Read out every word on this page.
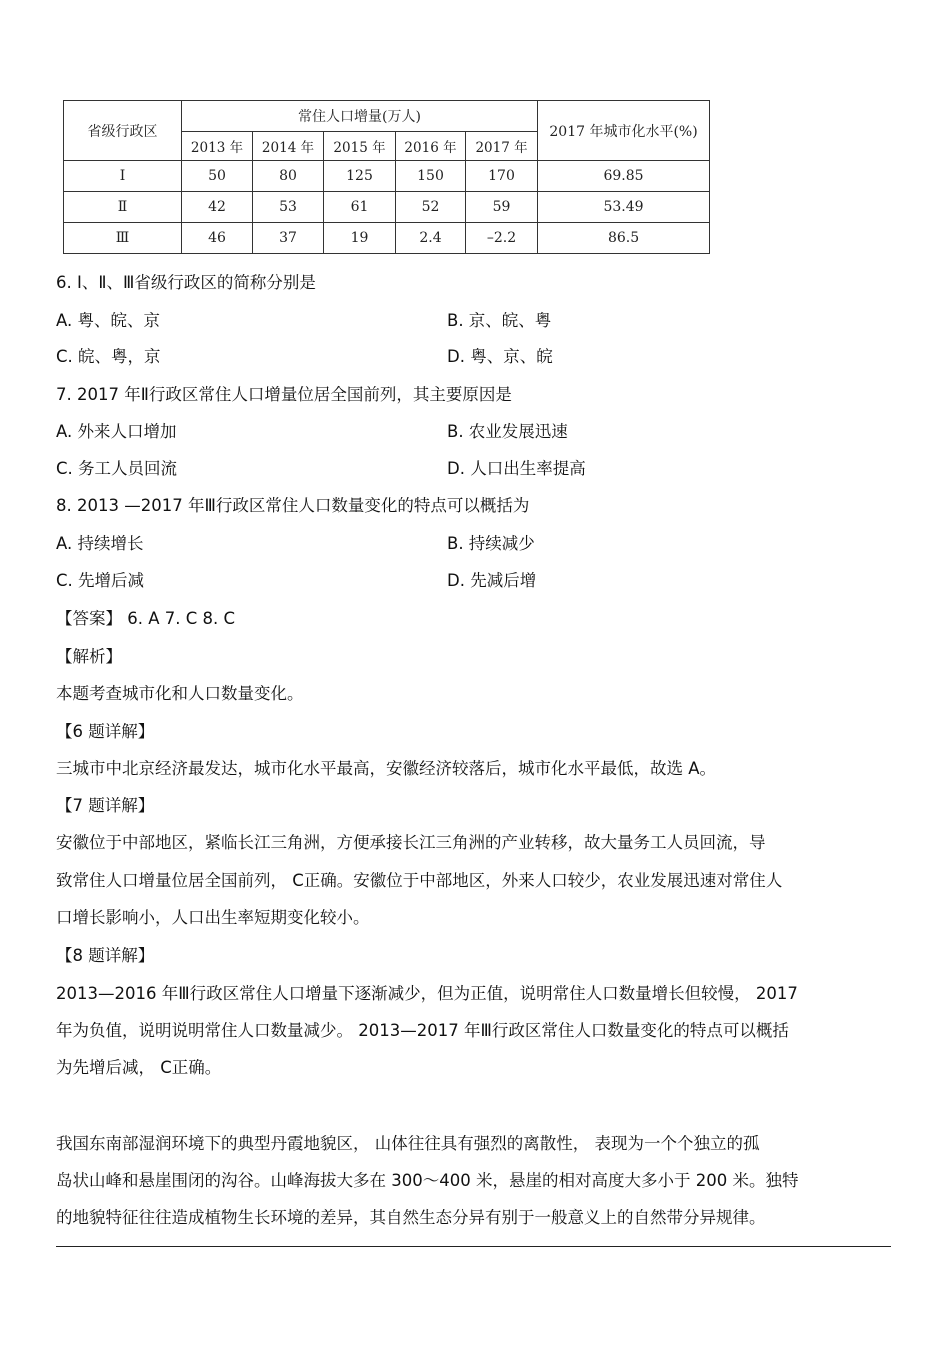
省级行政区	常住人口增量(万人)					2017 年城市化水平(%)
	2013 年	2014 年	2015 年	2016 年	2017 年	
Ⅰ	50	80	125	150	170	69.85
Ⅱ	42	53	61	52	59	53.49
Ⅲ	46	37	19	2.4	–2.2	86.5
6. Ⅰ、Ⅱ、Ⅲ省级行政区的简称分别是
A. 粤、皖、京	B. 京、皖、粤
C. 皖、粤，京	D. 粤、京、皖
7. 2017 年Ⅱ行政区常住人口增量位居全国前列，其主要原因是
A. 外来人口增加	B. 农业发展迅速
C. 务工人员回流	D. 人口出生率提高
8. 2013 —2017 年Ⅲ行政区常住人口数量变化的特点可以概括为
A. 持续增长	B. 持续减少
C. 先增后减	D. 先减后增
【答案】 6. A 7. C 8. C
【解析】
本题考查城市化和人口数量变化。
【6 题详解】
三城市中北京经济最发达，城市化水平最高，安徽经济较落后，城市化水平最低，故选 A。
【7 题详解】
安徽位于中部地区，紧临长江三角洲，方便承接长江三角洲的产业转移，故大量务工人员回流，导
致常住人口增量位居全国前列， C正确。安徽位于中部地区，外来人口较少，农业发展迅速对常住人
口增长影响小，人口出生率短期变化较小。
【8 题详解】
2013—2016 年Ⅲ行政区常住人口增量下逐渐减少，但为正值，说明常住人口数量增长但较慢， 2017
年为负值，说明说明常住人口数量减少。 2013—2017 年Ⅲ行政区常住人口数量变化的特点可以概括
为先增后减， C正确。
我国东南部湿润环境下的典型丹霞地貌区， 山体往往具有强烈的离散性， 表现为一个个独立的孤
岛状山峰和悬崖围闭的沟谷。山峰海拔大多在 300～400 米，悬崖的相对高度大多小于 200 米。独特
的地貌特征往往造成植物生长环境的差异，其自然生态分异有别于一般意义上的自然带分异规律。
